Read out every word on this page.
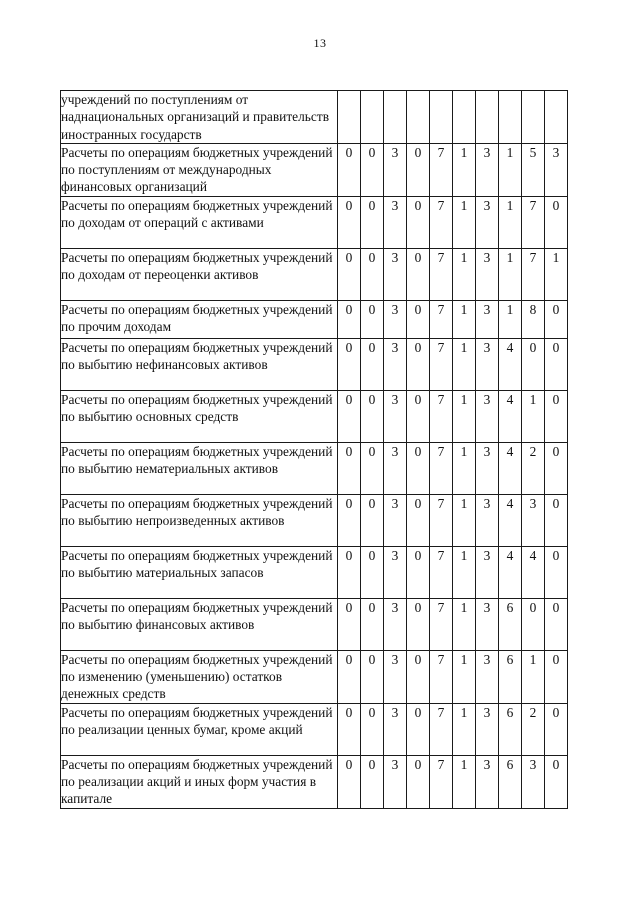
13
учреждений по поступлениям от наднациональных организаций и правительств иностранных государств										
Расчеты по операциям бюджетных учреждений по поступлениям от международных финансовых организаций	0	0	3	0	7	1	3	1	5	3
Расчеты по операциям бюджетных учреждений по доходам от операций с активами	0	0	3	0	7	1	3	1	7	0
Расчеты по операциям бюджетных учреждений по доходам от переоценки активов	0	0	3	0	7	1	3	1	7	1
Расчеты по операциям бюджетных учреждений по прочим доходам	0	0	3	0	7	1	3	1	8	0
Расчеты по операциям бюджетных учреждений по выбытию нефинансовых активов	0	0	3	0	7	1	3	4	0	0
Расчеты по операциям бюджетных учреждений по выбытию основных средств	0	0	3	0	7	1	3	4	1	0
Расчеты по операциям бюджетных учреждений по выбытию нематериальных активов	0	0	3	0	7	1	3	4	2	0
Расчеты по операциям бюджетных учреждений по выбытию непроизведенных активов	0	0	3	0	7	1	3	4	3	0
Расчеты по операциям бюджетных учреждений по выбытию материальных запасов	0	0	3	0	7	1	3	4	4	0
Расчеты по операциям бюджетных учреждений по выбытию финансовых активов	0	0	3	0	7	1	3	6	0	0
Расчеты по операциям бюджетных учреждений по изменению (уменьшению) остатков денежных средств	0	0	3	0	7	1	3	6	1	0
Расчеты по операциям бюджетных учреждений по реализации ценных бумаг, кроме акций	0	0	3	0	7	1	3	6	2	0
Расчеты по операциям бюджетных учреждений по реализации акций и иных форм участия в капитале	0	0	3	0	7	1	3	6	3	0
